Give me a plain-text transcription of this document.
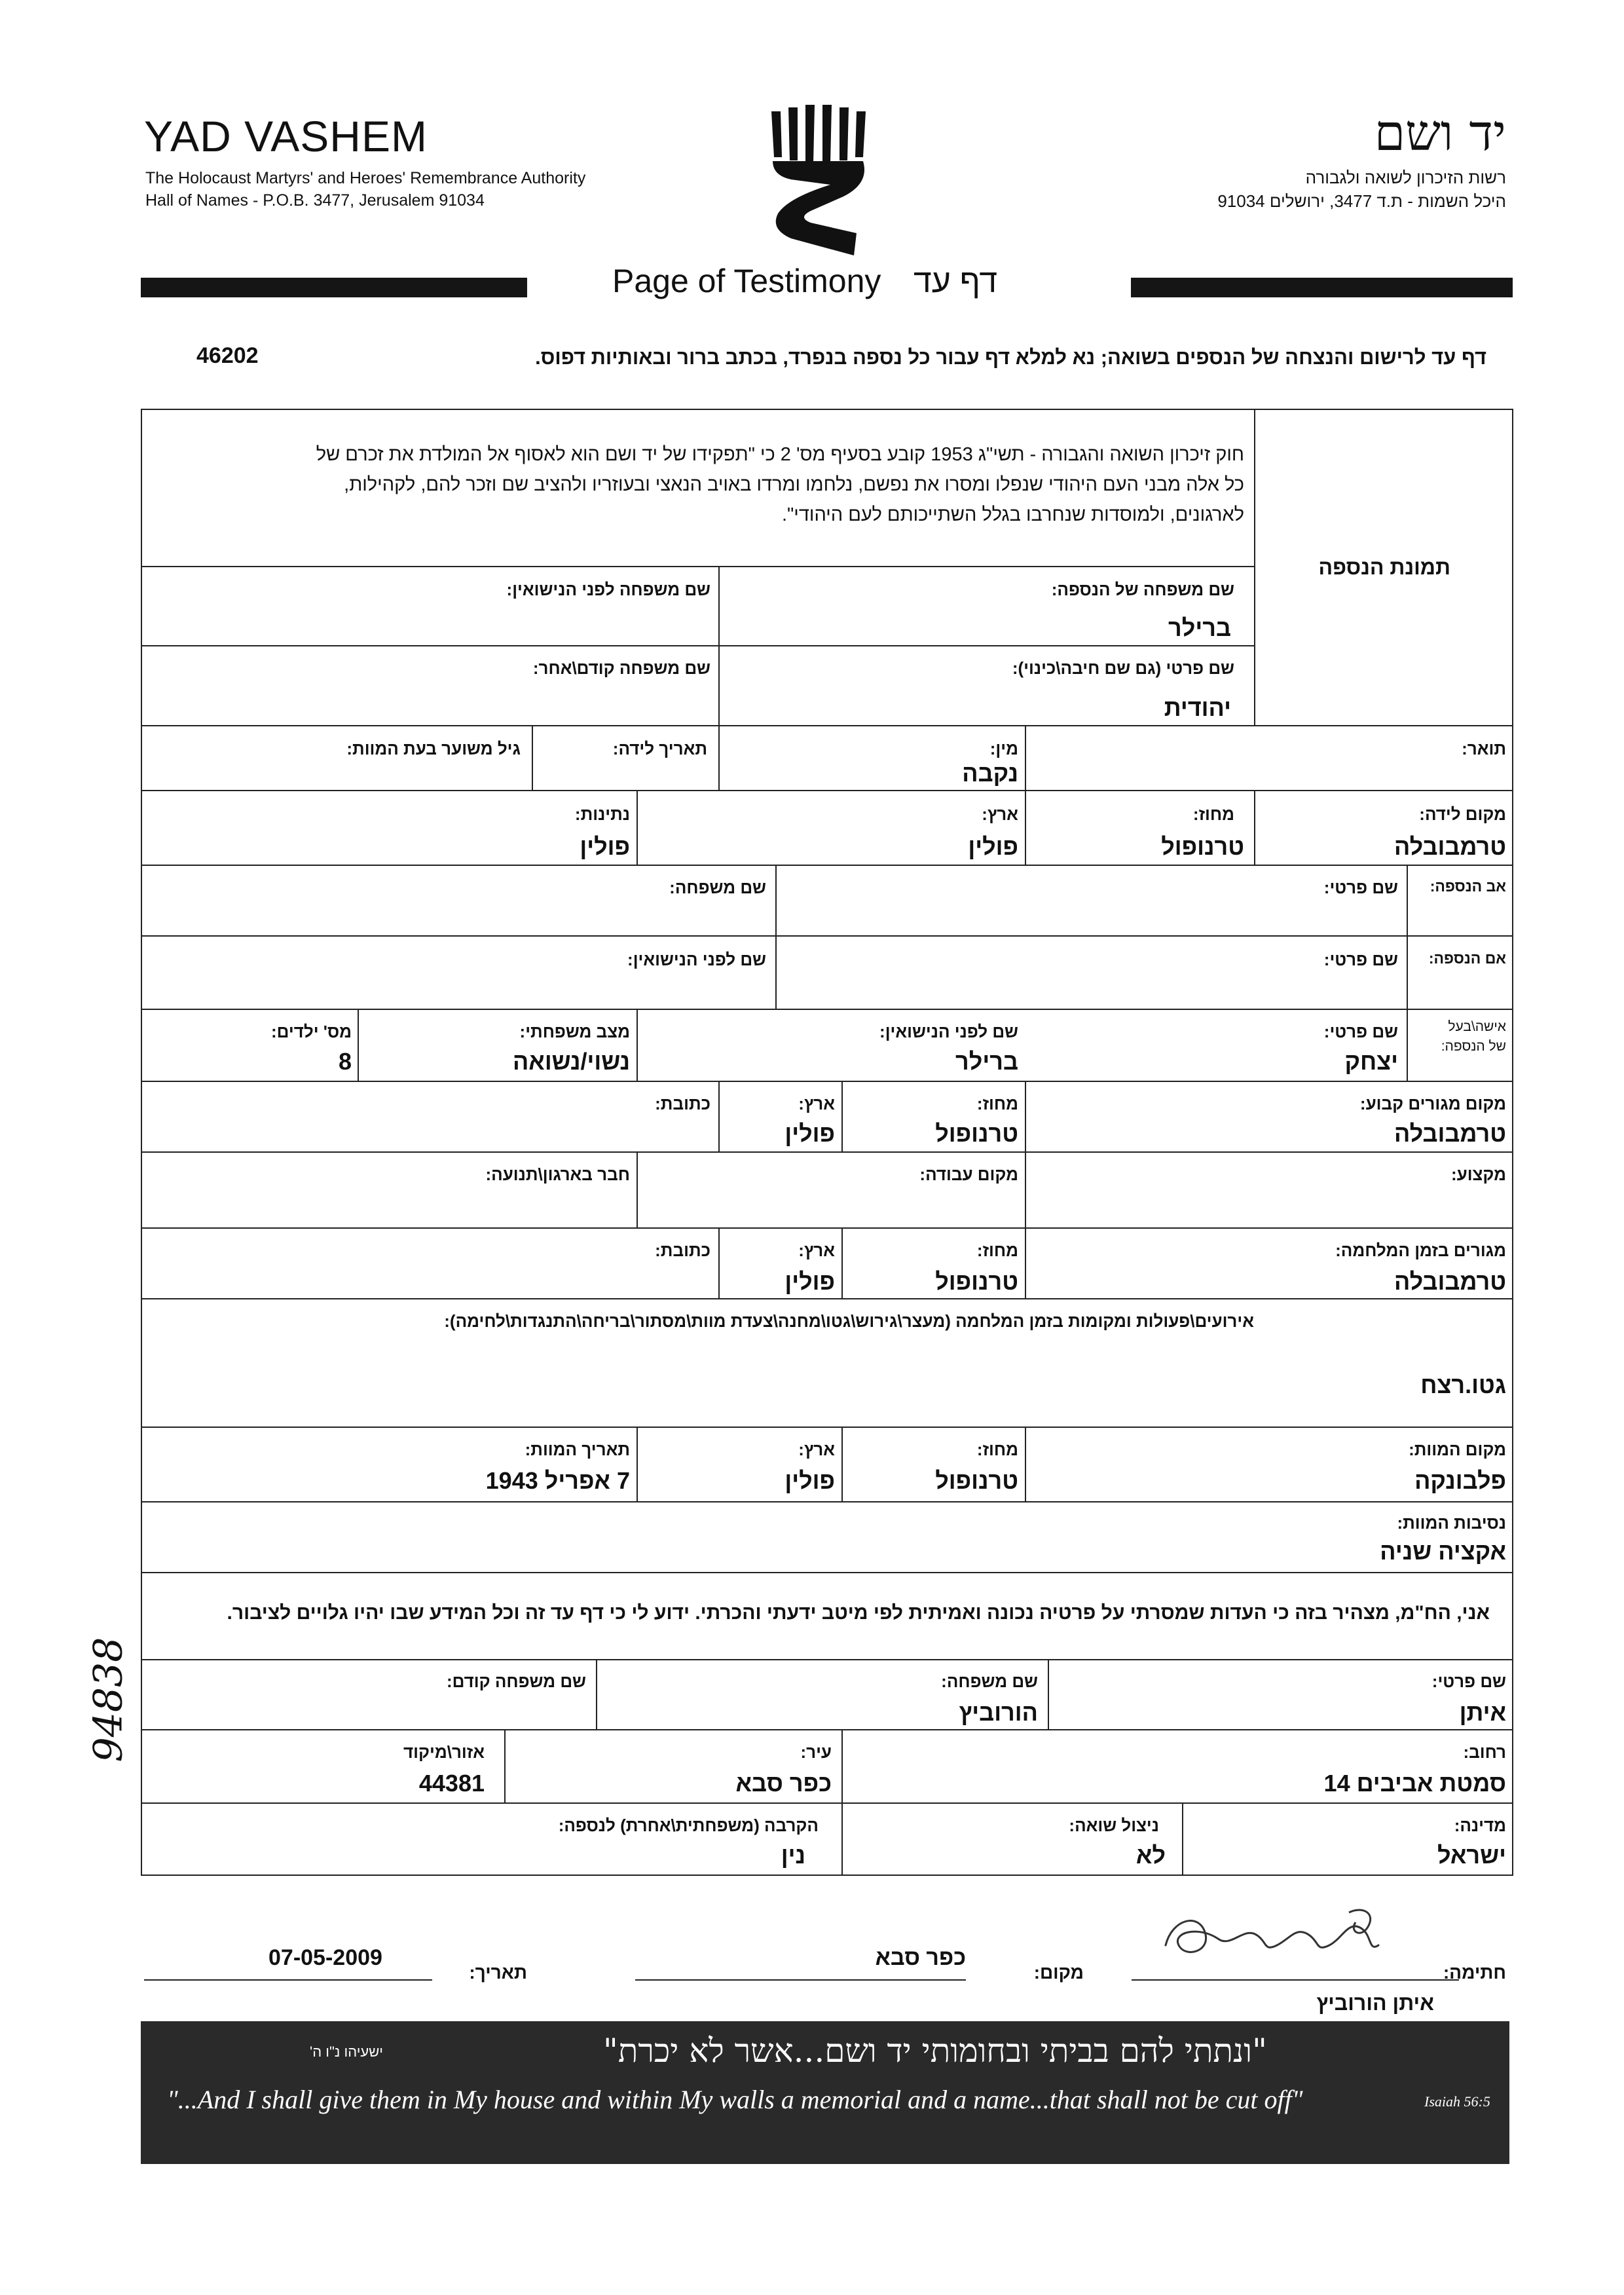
YAD VASHEM
The Holocaust Martyrs' and Heroes' Remembrance Authority
Hall of Names - P.O.B. 3477, Jerusalem 91034
יד ושם
רשות הזיכרון לשואה ולגבורה
היכל השמות - ת.ד 3477, ירושלים 91034
Page of Testimony דף עד
דף עד לרישום והנצחה של הנספים בשואה; נא למלא דף עבור כל נספה בנפרד, בכתב ברור ובאותיות דפוס.
46202
תמונת הנספה
חוק זיכרון השואה והגבורה - תשי"ג 1953 קובע בסעיף מס' 2 כי "תפקידו של יד ושם הוא לאסוף אל המולדת את זכרם של
כל אלה מבני העם היהודי שנפלו ומסרו את נפשם, נלחמו ומרדו באויב הנאצי ובעוזריו ולהציב שם וזכר להם, לקהילות,
לארגונים, ולמוסדות שנחרבו בגלל השתייכותם לעם היהודי".
שם משפחה של הנספה:
ברילר
שם משפחה לפני הנישואין:
שם פרטי (גם שם חיבה\כינוי):
יהודית
שם משפחה קודם\אחר:
תואר:
מין:
נקבה
תאריך לידה:
גיל משוער בעת המוות:
מקום לידה:
טרמבובלה
מחוז:
טרנופול
ארץ:
פולין
נתינות:
פולין
אב הנספה:
שם פרטי:
שם משפחה:
אם הנספה:
שם פרטי:
שם לפני הנישואין:
אישה\בעל
של הנספה:
שם פרטי:
יצחק
שם לפני הנישואין:
ברילר
מצב משפחתי:
נשוי/נשואה
מס' ילדים:
8
מקום מגורים קבוע:
טרמבובלה
מחוז:
טרנופול
ארץ:
פולין
כתובת:
מקצוע:
מקום עבודה:
חבר בארגון\תנועה:
מגורים בזמן המלחמה:
טרמבובלה
מחוז:
טרנופול
ארץ:
פולין
כתובת:
אירועים\פעולות ומקומות בזמן המלחמה (מעצר\גירוש\גטו\מחנה\צעדת מוות\מסתור\בריחה\התנגדות\לחימה):
גטו.רצח
מקום המוות:
פלבונקה
מחוז:
טרנופול
ארץ:
פולין
תאריך המוות:
7 אפריל 1943
נסיבות המוות:
אקציה שניה
אני, הח"מ, מצהיר בזה כי העדות שמסרתי על פרטיה נכונה ואמיתית לפי מיטב ידעתי והכרתי. ידוע לי כי דף עד זה וכל המידע שבו יהיו גלויים לציבור.
שם פרטי:
איתן
שם משפחה:
הורוביץ
שם משפחה קודם:
רחוב:
סמטת אביבים 14
עיר:
כפר סבא
אזור\מיקוד
44381
מדינה:
ישראל
ניצול שואה:
לא
הקרבה (משפחתית\אחרת) לנספה:
נין
94838
חתימה:
איתן הורוביץ
מקום:
כפר סבא
תאריך:
07-05-2009
"ונתתי להם בביתי ובחומותי יד ושם...אשר לא יכרת"
ישעיהו נ"ו ה'
"...And I shall give them in My house and within My walls a memorial and a name...that shall not be cut off"	Isaiah 56:5
